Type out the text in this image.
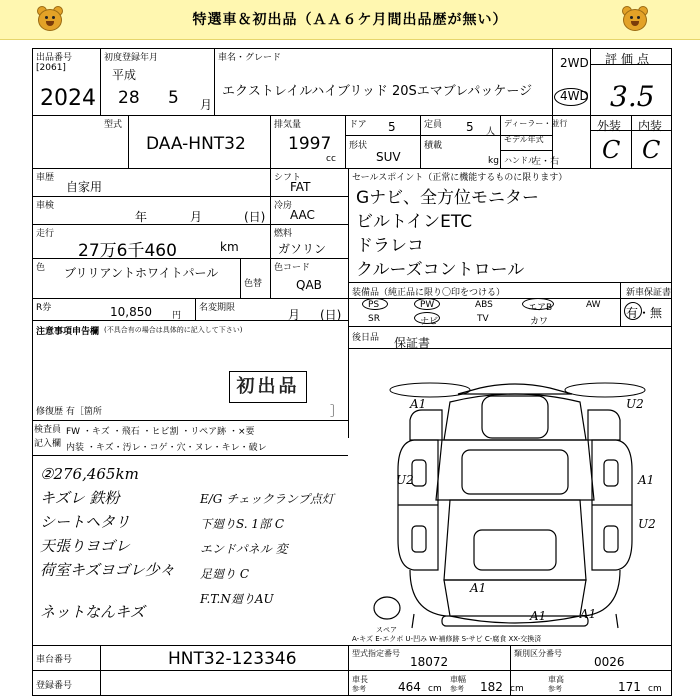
特選車＆初出品（ＡＡ６ケ月間出品歴が無い）
出品番号
[2061]
2024
初度登録年月
平成
28 5 月
車名・グレード
エクストレイルハイブリッド 20Sエマブレパッケージ
2WD
4WD
評価点
3.5
型式
DAA-HNT32
排気量
1997
cc
ドア 5	定員 5 人
形状
SUV
積載
kg
ディーラー・並行
モデル年式
ハンドル
左・右
外装 内装
C C
車歴
自家用
車検
年	月	(日)
走行
27万6千460	km
色 ブリリアントホワイトパール
色替
色コード
QAB
R券	10,850 円
名変期限	月 (日)
注意事項申告欄 (不具合有の場合は具体的に記入して下さい)
初出品
修復歴 有［箇所	］
シフト
FAT
冷房
AAC
燃料
ガソリン
セールスポイント（正常に機能するものに限ります）
Gナビ、全方位モニター
ビルトインETC
ドラレコ
クルーズコントロール
装備品（純正品に限り〇印をつける）
PS	PW	ABS	エアB	AW
SR	ナビ	TV	カワ
新車保証書
有・無
後日品 保証書
検査員記入欄
FW ・キズ ・飛石 ・ヒビ割 ・リペア跡 ・×要
内装 ・キズ・汚レ・コゲ・穴・ヌレ・キレ・破レ
②276,465km
キズレ 鉄粉
シートヘタリ
天張りヨゴレ
荷室キズヨゴレ少々
ネットなんキズ
E/G チェックランプ点灯
下廻りS. 1部 C
エンドパネル 変
足廻り C
F.T.N廻りAU
A1	U2
U2	A1
U2
A1
A1	A1
スペア
A-キズ E-エクボ U-凹み W-補修跡 S-サビ C-腐食 XX-交換済
車台番号	HNT32-123346
登録番号
型式指定番号
18072
類別区分番号
0026
車長
参考	464 cm
車幅
参考 182 cm
車高
参考	171 cm
